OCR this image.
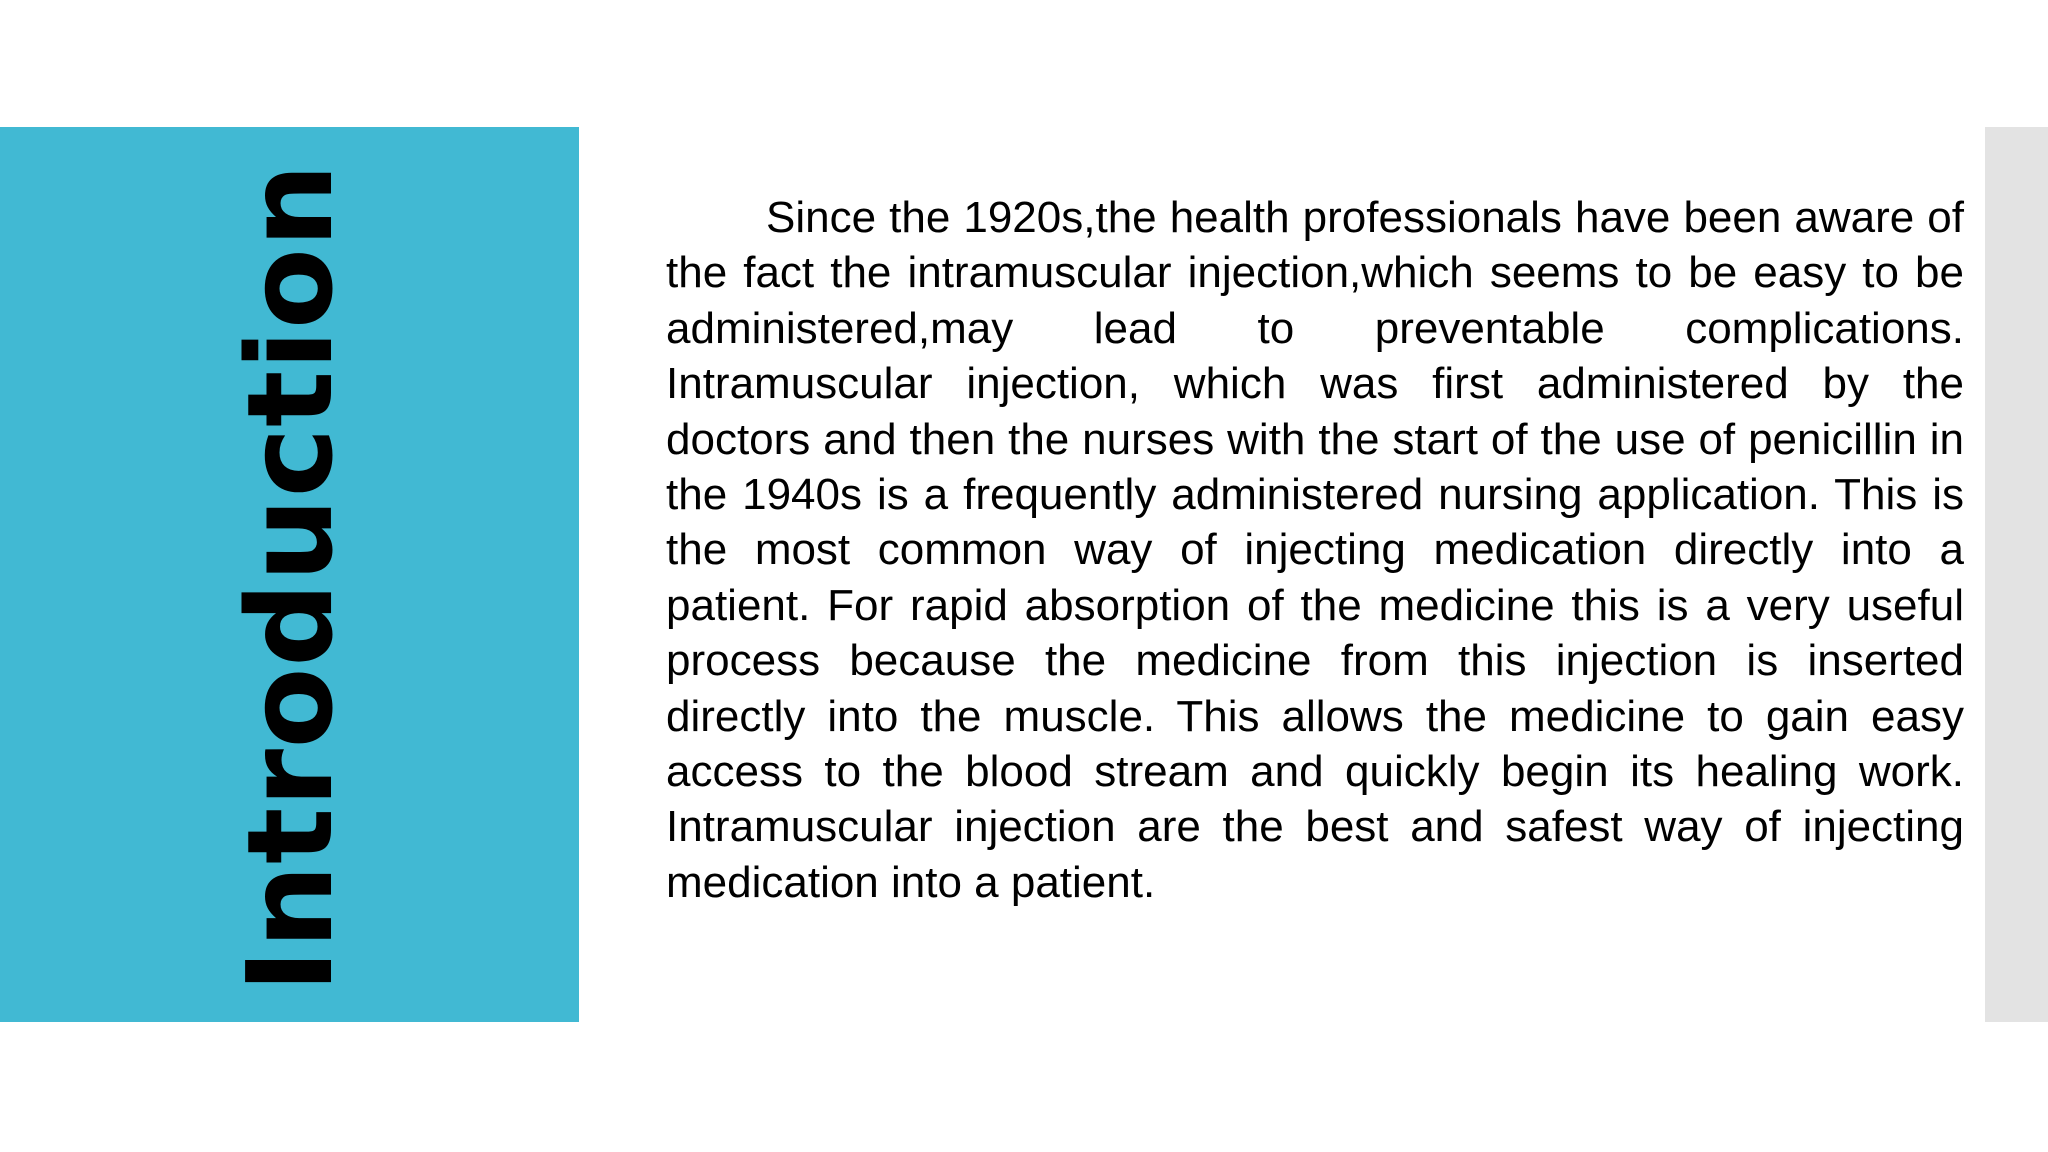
Introduction	Since the 1920s,the health professionals have been aware of the fact the intramuscular injection,which seems to be easy to be administered,may lead to preventable complications. Intramuscular injection, which was first administered by the doctors and then the nurses with the start of the use of penicillin in the 1940s is a frequently administered nursing application. This is the most common way of injecting medication directly into a patient. For rapid absorption of the medicine this is a very useful process because the medicine from this injection is inserted directly into the muscle. This allows the medicine to gain easy access to the blood stream and quickly begin its healing work. Intramuscular injection are the best and safest way of injecting medication into a patient.
